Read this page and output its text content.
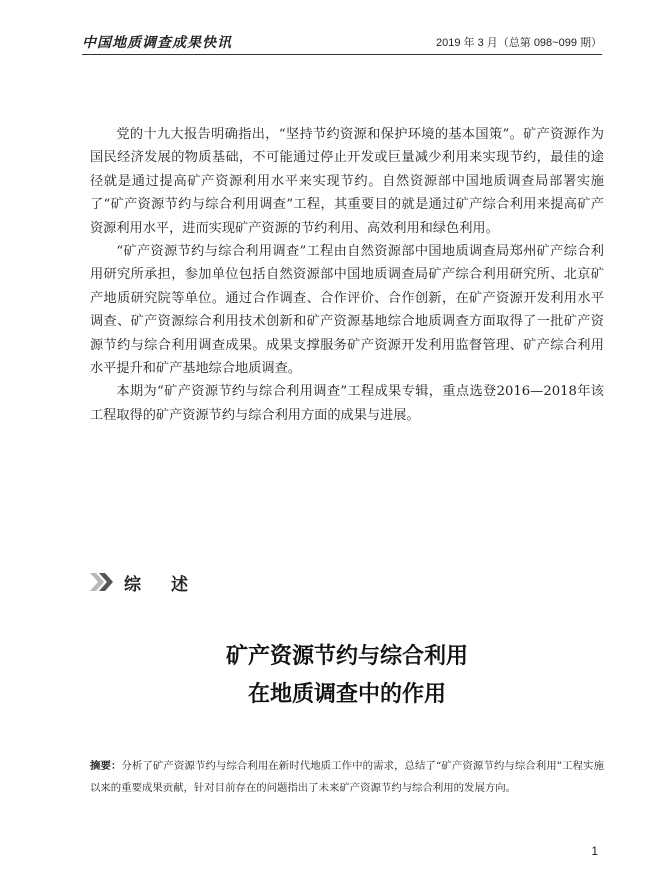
中国地质调查成果快讯	2019 年 3 月（总第 098~099 期）

党的十九大报告明确指出，“坚持节约资源和保护环境的基本国策”。矿产资源作为国民经济发展的物质基础，不可能通过停止开发或巨量减少利用来实现节约，最佳的途径就是通过提高矿产资源利用水平来实现节约。自然资源部中国地质调查局部署实施了“矿产资源节约与综合利用调查”工程，其重要目的就是通过矿产综合利用来提高矿产资源利用水平，进而实现矿产资源的节约利用、高效利用和绿色利用。

“矿产资源节约与综合利用调查”工程由自然资源部中国地质调查局郑州矿产综合利用研究所承担，参加单位包括自然资源部中国地质调查局矿产综合利用研究所、北京矿产地质研究院等单位。通过合作调查、合作评价、合作创新，在矿产资源开发利用水平调查、矿产资源综合利用技术创新和矿产资源基地综合地质调查方面取得了一批矿产资源节约与综合利用调查成果。成果支撑服务矿产资源开发利用监督管理、矿产综合利用水平提升和矿产基地综合地质调查。

本期为“矿产资源节约与综合利用调查”工程成果专辑，重点选登2016—2018年该工程取得的矿产资源节约与综合利用方面的成果与进展。

综述
矿产资源节约与综合利用
在地质调查中的作用
摘要：分析了矿产资源节约与综合利用在新时代地质工作中的需求，总结了“矿产资源节约与综合利用”工程实施以来的重要成果贡献，针对目前存在的问题指出了未来矿产资源节约与综合利用的发展方向。
1
